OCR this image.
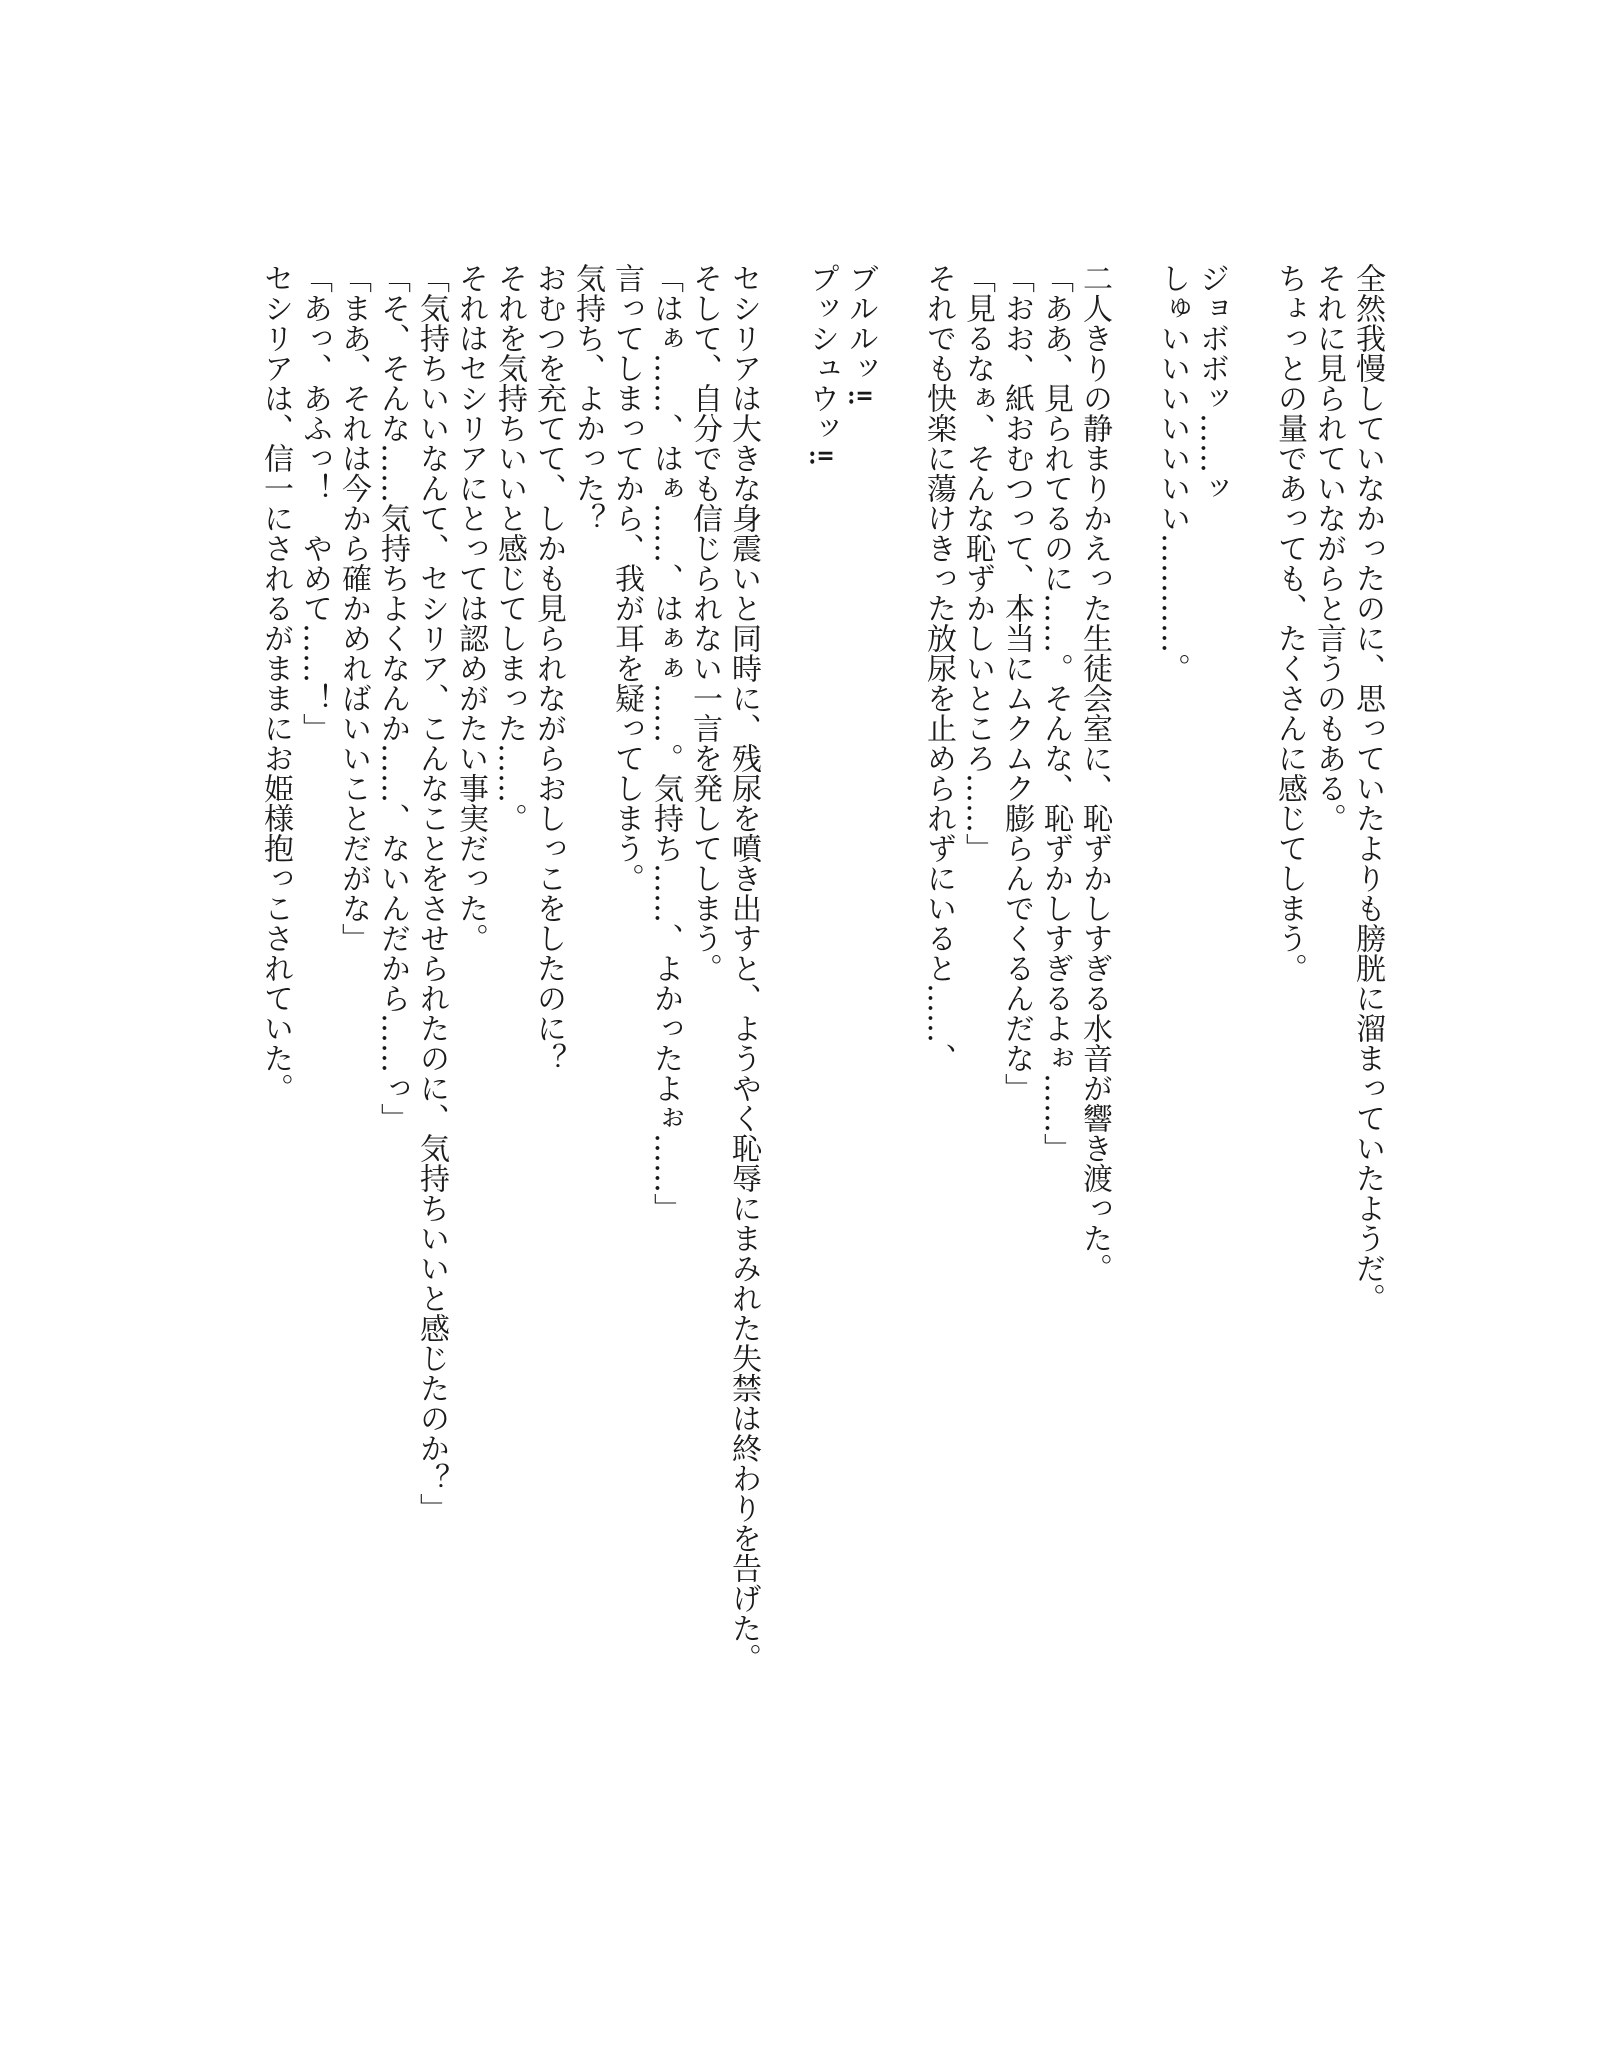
全然我慢していなかったのに、思っていたよりも膀胱に溜まっていたようだ。

それに見られていながらと言うのもある。

ちょっとの量であっても、たくさんに感じてしまう。

ジョボボッ……ッ

しゅいいいいいいい…………。

二人きりの静まりかえった生徒会室に、恥ずかしすぎる水音が響き渡った。

「ああ、見られてるのに……。そんな、恥ずかしすぎるよぉ……」

「おお、紙おむつって、本当にムクムク膨らんでくるんだな」

「見るなぁ、そんな恥ずかしいところ……」

それでも快楽に蕩けきった放尿を止められずにいると……、

ブルルッ:=

プッシュウッ:=

セシリアは大きな身震いと同時に、残尿を噴き出すと、ようやく恥辱にまみれた失禁は終わりを告げた。

そして、自分でも信じられない一言を発してしまう。

「はぁ……、はぁ……、はぁぁ……。気持ち……、よかったよぉ……」

言ってしまってから、我が耳を疑ってしまう。

気持ち、よかった？

おむつを充てて、しかも見られながらおしっこをしたのに？

それを気持ちいいと感じてしまった……。

それはセシリアにとっては認めがたい事実だった。

「気持ちいいなんて、セシリア、こんなことをさせられたのに、気持ちいいと感じたのか？」

「そ、そんな……気持ちよくなんか……、ないんだから……っ」

「まあ、それは今から確かめればいいことだがな」

「あっ、あふっ！　やめて……！」

セシリアは、信一にされるがままにお姫様抱っこされていた。
